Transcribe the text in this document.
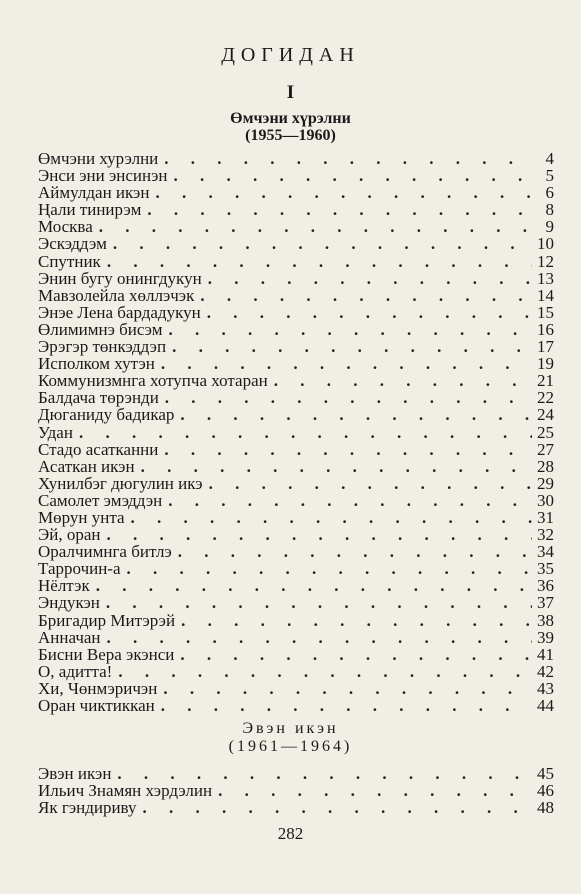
ДОГИДАН
I
Өмчэни хүрэлни
(1955—1960)
Өмчэни хурэлни . . .	4
Энси эни энсинэн . . .	5
Аймулдан икэн . . .	6
Ңали тинирэм . . .	8
Москва . . .	9
Эскэддэм . . .	10
Спутник . . .	12
Энин бугу онингдукун . . .	13
Мавзолейла хөллэчэк . . .	14
Энэе Лена бардадукун . . .	15
Өлимимнэ бисэм . . .	16
Эрэгэр төнкэддэп . . .	17
Исполком хутэн . . .	19
Коммунизмнга хотупча хотаран . . .	21
Балдача төрэнди . . .	22
Дюганиду бадикар . . .	24
Удан . . .	25
Стадо асатканни . . .	27
Асаткан икэн . . .	28
Хунилбэг дюгулин икэ . . .	29
Самолет эмэддэн . . .	30
Мөрун унта . . .	31
Эй, оран . . .	32
Оралчимнга битлэ . . .	34
Таррочин-а . . .	35
Нёлтэк . . .	36
Эндукэн . . .	37
Бригадир Митэрэй . . .	38
Анначан . . .	39
Бисни Вера экэнси . . .	41
О, адитта! . . .	42
Хи, Чөнмэричэн . . .	43
Оран чиктиккан . . .	44
Эвэн икэн
(1961—1964)
Эвэн икэн . . .	45
Ильич Знамян хэрдэлин . . .	46
Як гэндириву . . .	48
282
